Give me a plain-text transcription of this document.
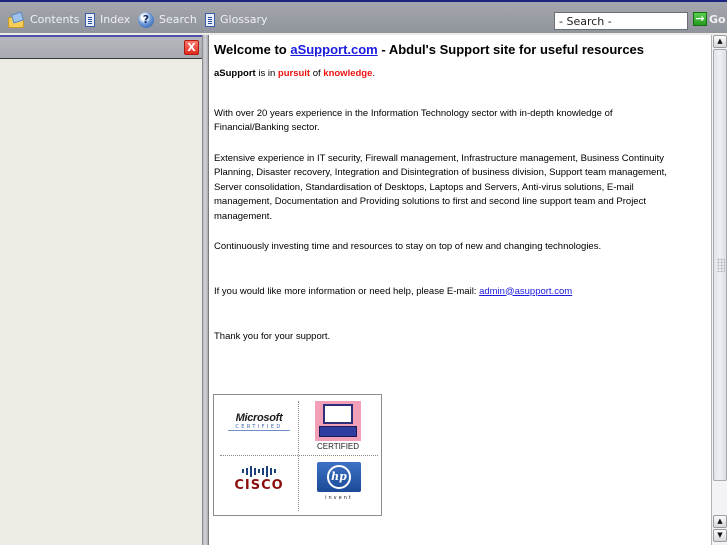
Contents Index	? Search Glossary
- Search -	→ Go
X Welcome to aSupport.com - Abdul's Support site for useful resources
aSupport is in pursuit of knowledge.
With over 20 years experience in the Information Technology sector with in-depth knowledge of Financial/Banking sector.
Extensive experience in IT security, Firewall management, Infrastructure management, Business Continuity Planning, Disaster recovery, Integration and Disintegration of business division, Support team management, Server consolidation, Standardisation of Desktops, Laptops and Servers, Anti-virus solutions, E-mail management, Documentation and Providing solutions to first and second line support team and Project management.
Continuously investing time and resources to stay on top of new and changing technologies.
If you would like more information or need help, please E-mail: admin@asupport.com
Thank you for your support.
Microsoft
CERTIFIED
CERTIFIED
CISCO
hp
invent
▲
▲
▼
